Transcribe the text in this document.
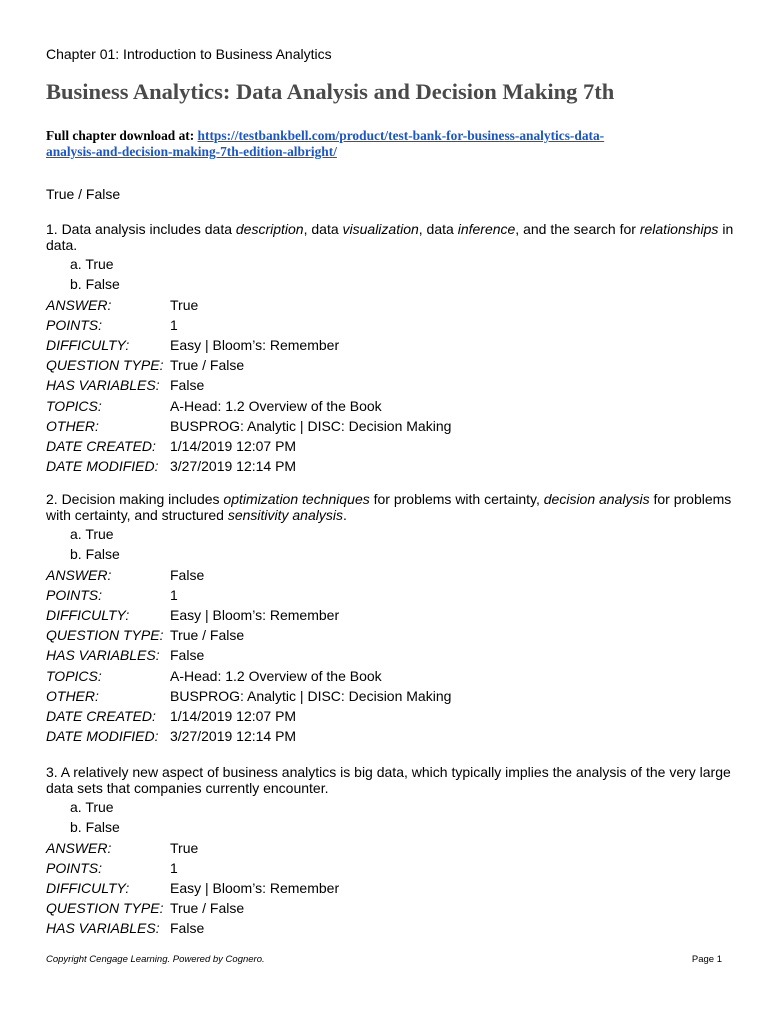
Chapter 01: Introduction to Business Analytics
Business Analytics: Data Analysis and Decision Making 7th
Full chapter download at: https://testbankbell.com/product/test-bank-for-business-analytics-data-
analysis-and-decision-making-7th-edition-albright/
True / False

1. Data analysis includes data description, data visualization, data inference, and the search for relationships in data.

a. True
b. False
ANSWER:	True
POINTS:	1
DIFFICULTY:	Easy | Bloom’s: Remember
QUESTION TYPE: True / False
HAS VARIABLES: False
TOPICS:	A-Head: 1.2 Overview of the Book
OTHER:	BUSPROG: Analytic | DISC: Decision Making
DATE CREATED:	1/14/2019 12:07 PM
DATE MODIFIED: 3/27/2019 12:14 PM

2. Decision making includes optimization techniques for problems with certainty, decision analysis for problems with certainty, and structured sensitivity analysis.

a. True
b. False
ANSWER:	False
POINTS:	1
DIFFICULTY:	Easy | Bloom’s: Remember
QUESTION TYPE: True / False
HAS VARIABLES: False
TOPICS:	A-Head: 1.2 Overview of the Book
OTHER:	BUSPROG: Analytic | DISC: Decision Making
DATE CREATED:	1/14/2019 12:07 PM
DATE MODIFIED: 3/27/2019 12:14 PM

3. A relatively new aspect of business analytics is big data, which typically implies the analysis of the very large data sets that companies currently encounter.

a. True
b. False
ANSWER:	True
POINTS:	1
DIFFICULTY:	Easy | Bloom’s: Remember
QUESTION TYPE: True / False
HAS VARIABLES: False
Copyright Cengage Learning. Powered by Cognero.	Page 1
